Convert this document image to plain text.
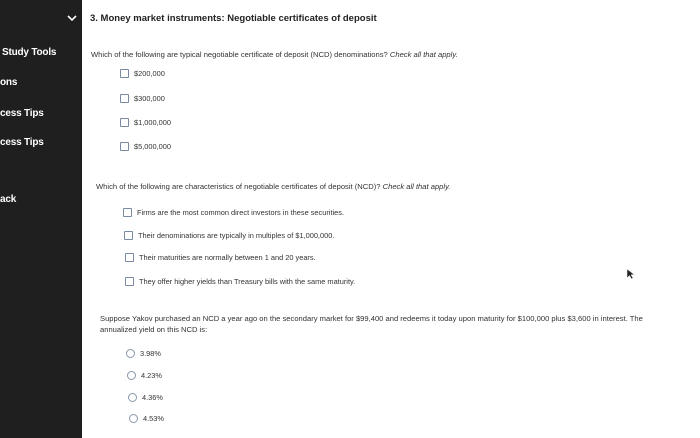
Study Tools
ons
cess Tips
cess Tips
ack
3. Money market instruments: Negotiable certificates of deposit
Which of the following are typical negotiable certificate of deposit (NCD) denominations? Check all that apply.
$200,000
$300,000
$1,000,000
$5,000,000
Which of the following are characteristics of negotiable certificates of deposit (NCD)? Check all that apply.
Firms are the most common direct investors in these securities.
Their denominations are typically in multiples of $1,000,000.
Their maturities are normally between 1 and 20 years.
They offer higher yields than Treasury bills with the same maturity.
Suppose Yakov purchased an NCD a year ago on the secondary market for $99,400 and redeems it today upon maturity for $100,000 plus $3,600 in interest. The annualized yield on this NCD is:
3.98%
4.23%
4.36%
4.53%
